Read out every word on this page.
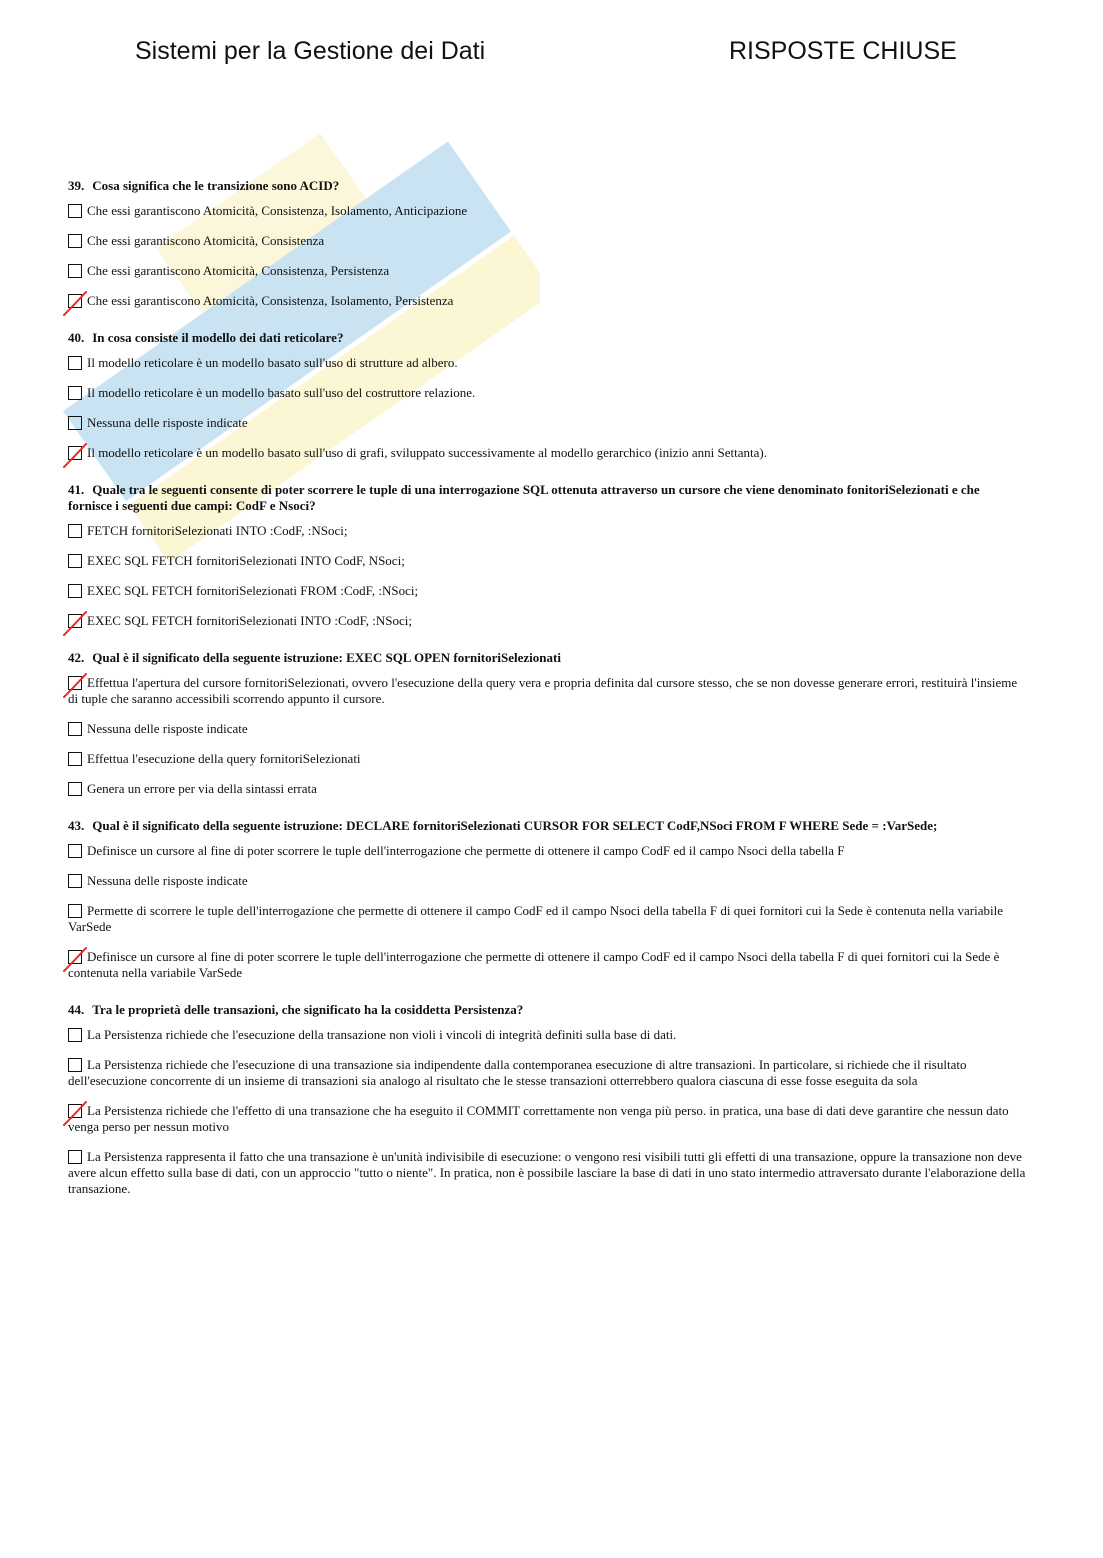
Sistemi per la Gestione dei Dati	RISPOSTE CHIUSE
39. Cosa significa che le transizione sono ACID?
Che essi garantiscono Atomicità, Consistenza, Isolamento, Anticipazione
Che essi garantiscono Atomicità, Consistenza
Che essi garantiscono Atomicità, Consistenza, Persistenza
Che essi garantiscono Atomicità, Consistenza, Isolamento, Persistenza
40. In cosa consiste il modello dei dati reticolare?
Il modello reticolare è un modello basato sull'uso di strutture ad albero.
Il modello reticolare è un modello basato sull'uso del costruttore relazione.
Nessuna delle risposte indicate
Il modello reticolare è un modello basato sull'uso di grafi, sviluppato successivamente al modello gerarchico (inizio anni Settanta).
41. Quale tra le seguenti consente di poter scorrere le tuple di una interrogazione SQL ottenuta attraverso un cursore che viene denominato fonitoriSelezionati e che fornisce i seguenti due campi: CodF e Nsoci?
FETCH fornitoriSelezionati INTO :CodF, :NSoci;
EXEC SQL FETCH fornitoriSelezionati INTO CodF, NSoci;
EXEC SQL FETCH fornitoriSelezionati FROM :CodF, :NSoci;
EXEC SQL FETCH fornitoriSelezionati INTO :CodF, :NSoci;
42. Qual è il significato della seguente istruzione: EXEC SQL OPEN fornitoriSelezionati
Effettua l'apertura del cursore fornitoriSelezionati, ovvero l'esecuzione della query vera e propria definita dal cursore stesso, che se non dovesse generare errori, restituirà l'insieme di tuple che saranno accessibili scorrendo appunto il cursore.
Nessuna delle risposte indicate
Effettua l'esecuzione della query fornitoriSelezionati
Genera un errore per via della sintassi errata
43. Qual è il significato della seguente istruzione: DECLARE fornitoriSelezionati CURSOR FOR SELECT CodF,NSoci FROM F WHERE Sede = :VarSede;
Definisce un cursore al fine di poter scorrere le tuple dell'interrogazione che permette di ottenere il campo CodF ed il campo Nsoci della tabella F
Nessuna delle risposte indicate
Permette di scorrere le tuple dell'interrogazione che permette di ottenere il campo CodF ed il campo Nsoci della tabella F di quei fornitori cui la Sede è contenuta nella variabile VarSede
Definisce un cursore al fine di poter scorrere le tuple dell'interrogazione che permette di ottenere il campo CodF ed il campo Nsoci della tabella F di quei fornitori cui la Sede è contenuta nella variabile VarSede
44. Tra le proprietà delle transazioni, che significato ha la cosiddetta Persistenza?
La Persistenza richiede che l'esecuzione della transazione non violi i vincoli di integrità definiti sulla base di dati.
La Persistenza richiede che l'esecuzione di una transazione sia indipendente dalla contemporanea esecuzione di altre transazioni. In particolare, si richiede che il risultato dell'esecuzione concorrente di un insieme di transazioni sia analogo al risultato che le stesse transazioni otterrebbero qualora ciascuna di esse fosse eseguita da sola
La Persistenza richiede che l'effetto di una transazione che ha eseguito il COMMIT correttamente non venga più perso. in pratica, una base di dati deve garantire che nessun dato venga perso per nessun motivo
La Persistenza rappresenta il fatto che una transazione è un'unità indivisibile di esecuzione: o vengono resi visibili tutti gli effetti di una transazione, oppure la transazione non deve avere alcun effetto sulla base di dati, con un approccio "tutto o niente". In pratica, non è possibile lasciare la base di dati in uno stato intermedio attraversato durante l'elaborazione della transazione.
